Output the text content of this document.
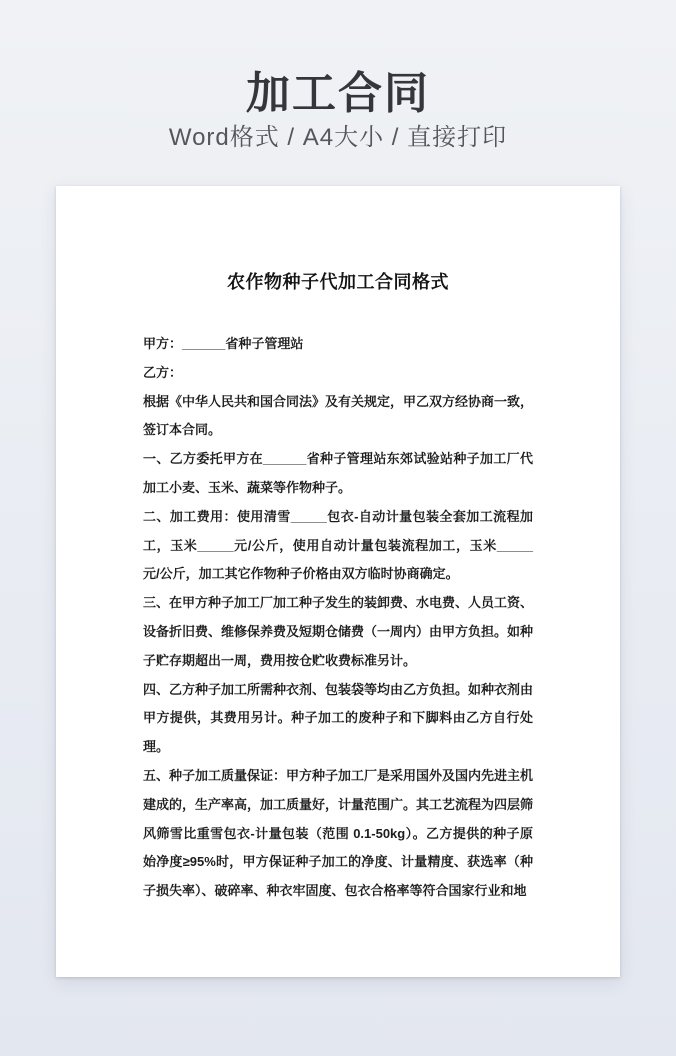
加工合同
Word格式 / A4大小 / 直接打印
农作物种子代加工合同格式

甲方：______省种子管理站

乙方：

根据《中华人民共和国合同法》及有关规定，甲乙双方经协商一致，签订本合同。

一、乙方委托甲方在______省种子管理站东郊试验站种子加工厂代加工小麦、玉米、蔬菜等作物种子。

二、加工费用：使用清雪_____包衣-自动计量包装全套加工流程加工，玉米_____元/公斤，使用自动计量包装流程加工，玉米_____元/公斤，加工其它作物种子价格由双方临时协商确定。

三、在甲方种子加工厂加工种子发生的装卸费、水电费、人员工资、设备折旧费、维修保养费及短期仓储费（一周内）由甲方负担。如种子贮存期超出一周，费用按仓贮收费标准另计。

四、乙方种子加工所需种衣剂、包装袋等均由乙方负担。如种衣剂由甲方提供，其费用另计。种子加工的废种子和下脚料由乙方自行处理。

五、种子加工质量保证：甲方种子加工厂是采用国外及国内先进主机建成的，生产率高，加工质量好，计量范围广。其工艺流程为四层筛风筛雪比重雪包衣-计量包装（范围 0.1-50kg）。乙方提供的种子原始净度≥95%时，甲方保证种子加工的净度、计量精度、获选率（种子损失率）、破碎率、种衣牢固度、包衣合格率等符合国家行业和地
